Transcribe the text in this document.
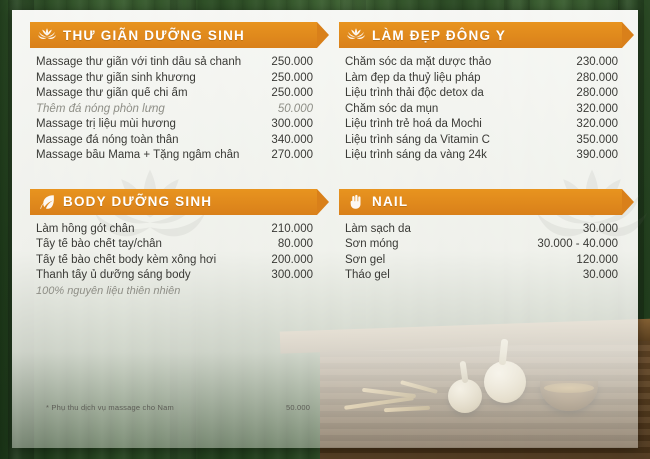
THƯ GIÃN DƯỠNG SINH
Massage thư giãn với tinh dầu sả chanh	250.000
Massage thư giãn sinh khương	250.000
Massage thư giãn quế chi ấm	250.000
Thêm đá nóng phòn lưng	50.000
Massage trị liệu mùi hương	300.000
Massage đá nóng toàn thân	340.000
Massage bầu Mama + Tặng ngâm chân	270.000
BODY DƯỠNG SINH
Làm hồng gót chân	210.000
Tẩy tế bào chết tay/chân	80.000
Tẩy tế bào chết body kèm xông hơi	200.000
Thanh tẩy ủ dưỡng sáng body	300.000
100% nguyên liệu thiên nhiên
LÀM ĐẸP ĐÔNG Y
Chăm sóc da mặt dược thảo	230.000
Làm đẹp da thuỷ liệu pháp	280.000
Liệu trình thải độc detox da	280.000
Chăm sóc da mụn	320.000
Liệu trình trẻ hoá da Mochi	320.000
Liệu trình sáng da Vitamin C	350.000
Liệu trình sáng da vàng 24k	390.000
NAIL
Làm sạch da	30.000
Sơn móng	30.000 - 40.000
Sơn gel	120.000
Tháo gel	30.000
* Phụ thu dịch vụ massage cho Nam	50.000
